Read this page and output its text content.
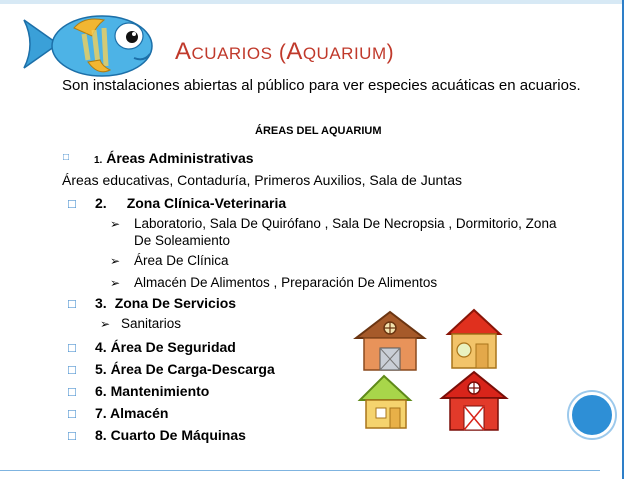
ACUARIOS (AQUARIUM)
Son instalaciones abiertas al público para ver especies acuáticas en acuarios.
ÁREAS DEL AQUARIUM
□ 1. Áreas Administrativas
Áreas educativas, Contaduría, Primeros Auxilios, Sala de Juntas
□ 2. Zona Clínica-Veterinaria
➢ Laboratorio, Sala De Quirófano , Sala De Necropsia , Dormitorio, Zona
De Soleamiento
➢ Área De Clínica
➢ Almacén De Alimentos , Preparación De Alimentos
□ 3. Zona De Servicios
➢ Sanitarios
□ 4. Área De Seguridad
□ 5. Área De Carga-Descarga
□ 6. Mantenimiento
□ 7. Almacén
□ 8. Cuarto De Máquinas
